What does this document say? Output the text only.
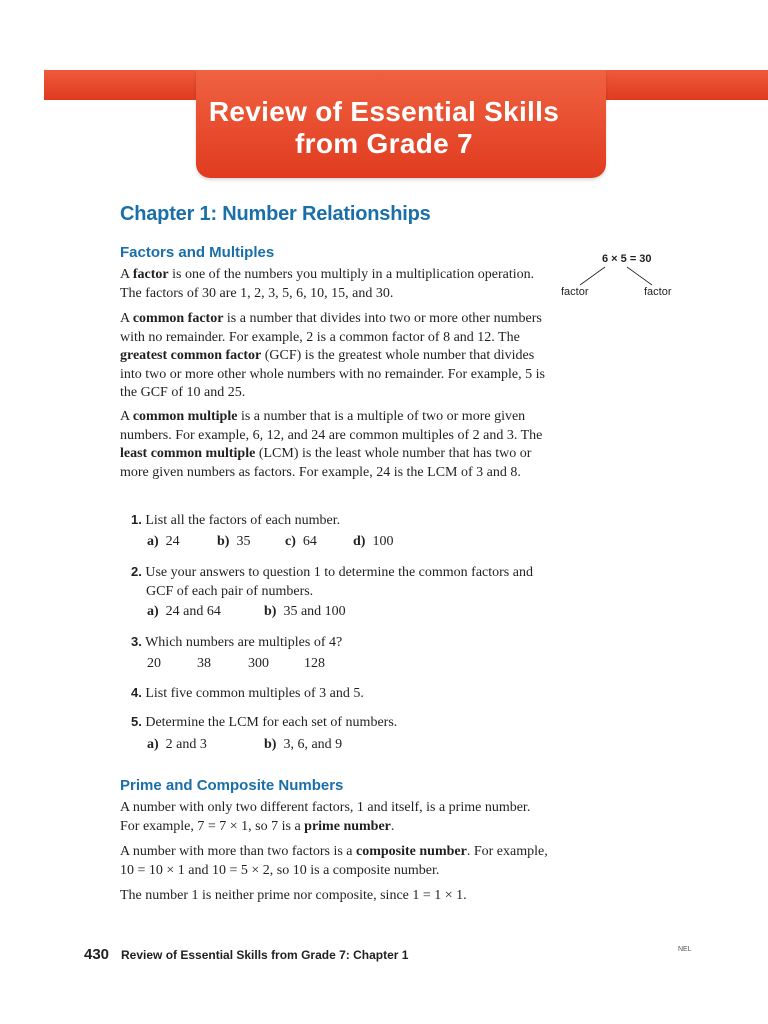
Review of Essential Skills
from Grade 7
Chapter 1: Number Relationships
Factors and Multiples

A factor is one of the numbers you multiply in a multiplication operation. The factors of 30 are 1, 2, 3, 5, 6, 10, 15, and 30.

A common factor is a number that divides into two or more other numbers with no remainder. For example, 2 is a common factor of 8 and 12. The greatest common factor (GCF) is the greatest whole number that divides into two or more other whole numbers with no remainder. For example, 5 is the GCF of 10 and 25.

A common multiple is a number that is a multiple of two or more given numbers. For example, 6, 12, and 24 are common multiples of 2 and 3. The least common multiple (LCM) is the least whole number that has two or more given numbers as factors. For example, 24 is the LCM of 3 and 8.

6 × 5 = 30
factor	factor
1. List all the factors of each number.
a) 24	b) 35 c) 64	d) 100
2. Use your answers to question 1 to determine the common factors and GCF of each pair of numbers.
a) 24 and 64	b) 35 and 100
3. Which numbers are multiples of 4?
20	38	300	128
4. List five common multiples of 3 and 5.
5. Determine the LCM for each set of numbers.
a) 2 and 3	b) 3, 6, and 9
Prime and Composite Numbers

A number with only two different factors, 1 and itself, is a prime number. For example, 7 = 7 × 1, so 7 is a prime number.

A number with more than two factors is a composite number. For example, 10 = 10 × 1 and 10 = 5 × 2, so 10 is a composite number.

The number 1 is neither prime nor composite, since 1 = 1 × 1.

430 Review of Essential Skills from Grade 7: Chapter 1	NEL
